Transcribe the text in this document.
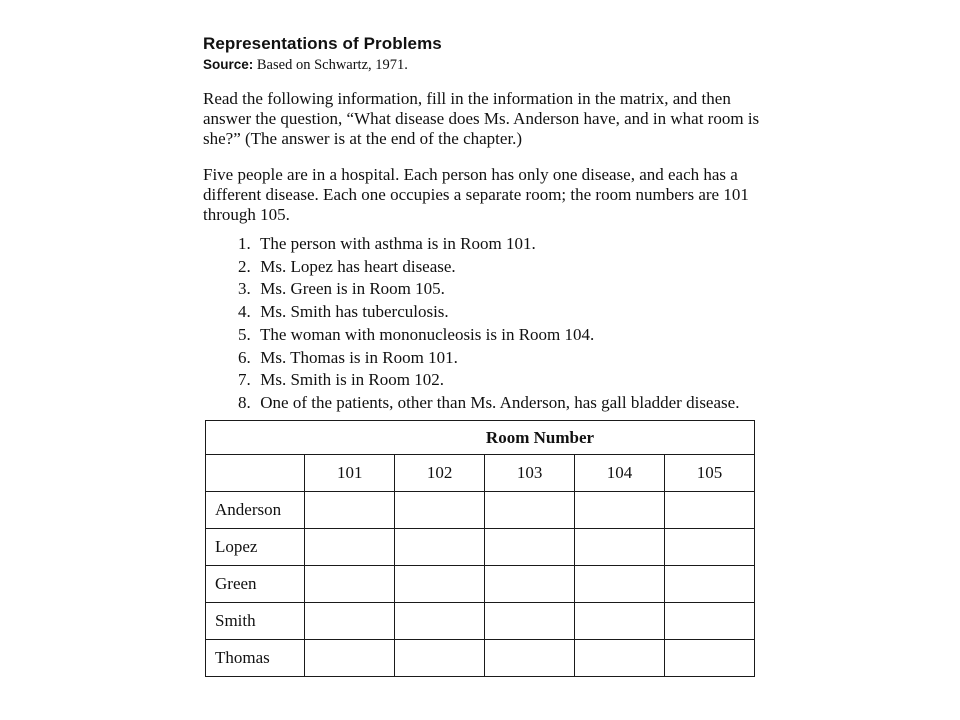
Representations of Problems

Source: Based on Schwartz, 1971.

Read the following information, fill in the information in the matrix, and then answer the question, “What disease does Ms. Anderson have, and in what room is she?” (The answer is at the end of the chapter.)

Five people are in a hospital. Each person has only one disease, and each has a different disease. Each one occupies a separate room; the room numbers are 101 through 105.

1. The person with asthma is in Room 101.
2. Ms. Lopez has heart disease.
3. Ms. Green is in Room 105.
4. Ms. Smith has tuberculosis.
5. The woman with mononucleosis is in Room 104.
6. Ms. Thomas is in Room 101.
7. Ms. Smith is in Room 102.
8. One of the patients, other than Ms. Anderson, has gall bladder disease.
Room Number					
	101	102	103	104	105
Anderson					
Lopez					
Green					
Smith					
Thomas					
